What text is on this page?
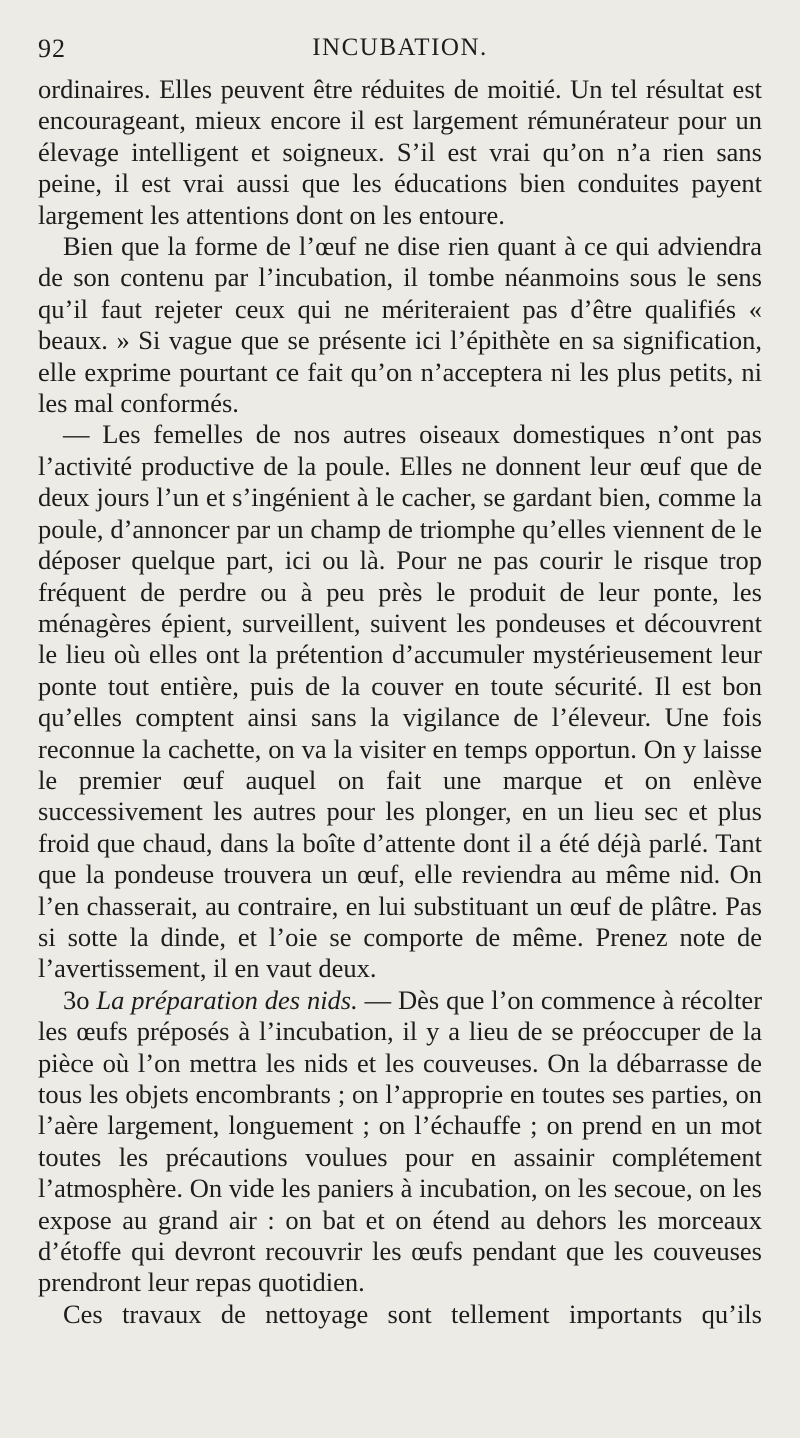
92	INCUBATION.

ordinaires. Elles peuvent être réduites de moitié. Un tel résultat est encourageant, mieux encore il est largement rémunérateur pour un élevage intelligent et soigneux. S’il est vrai qu’on n’a rien sans peine, il est vrai aussi que les éducations bien conduites payent largement les attentions dont on les entoure.

Bien que la forme de l’œuf ne dise rien quant à ce qui adviendra de son contenu par l’incubation, il tombe néanmoins sous le sens qu’il faut rejeter ceux qui ne mériteraient pas d’être qualifiés « beaux. » Si vague que se présente ici l’épithète en sa signification, elle exprime pourtant ce fait qu’on n’acceptera ni les plus petits, ni les mal conformés.

— Les femelles de nos autres oiseaux domestiques n’ont pas l’activité productive de la poule. Elles ne donnent leur œuf que de deux jours l’un et s’ingénient à le cacher, se gardant bien, comme la poule, d’annoncer par un champ de triomphe qu’elles viennent de le déposer quelque part, ici ou là. Pour ne pas courir le risque trop fréquent de perdre ou à peu près le produit de leur ponte, les ménagères épient, surveillent, suivent les pondeuses et découvrent le lieu où elles ont la prétention d’accumuler mystérieusement leur ponte tout entière, puis de la couver en toute sécurité. Il est bon qu’elles comptent ainsi sans la vigilance de l’éleveur. Une fois reconnue la cachette, on va la visiter en temps opportun. On y laisse le premier œuf auquel on fait une marque et on enlève successivement les autres pour les plonger, en un lieu sec et plus froid que chaud, dans la boîte d’attente dont il a été déjà parlé. Tant que la pondeuse trouvera un œuf, elle reviendra au même nid. On l’en chasserait, au contraire, en lui substituant un œuf de plâtre. Pas si sotte la dinde, et l’oie se comporte de même. Prenez note de l’avertissement, il en vaut deux.

3o La préparation des nids. — Dès que l’on commence à récolter les œufs préposés à l’incubation, il y a lieu de se préoccuper de la pièce où l’on mettra les nids et les couveuses. On la débarrasse de tous les objets encombrants ; on l’approprie en toutes ses parties, on l’aère largement, longuement ; on l’échauffe ; on prend en un mot toutes les précautions voulues pour en assainir complétement l’atmosphère. On vide les paniers à incubation, on les secoue, on les expose au grand air : on bat et on étend au dehors les morceaux d’étoffe qui devront recouvrir les œufs pendant que les couveuses prendront leur repas quotidien.

Ces travaux de nettoyage sont tellement importants qu’ils
